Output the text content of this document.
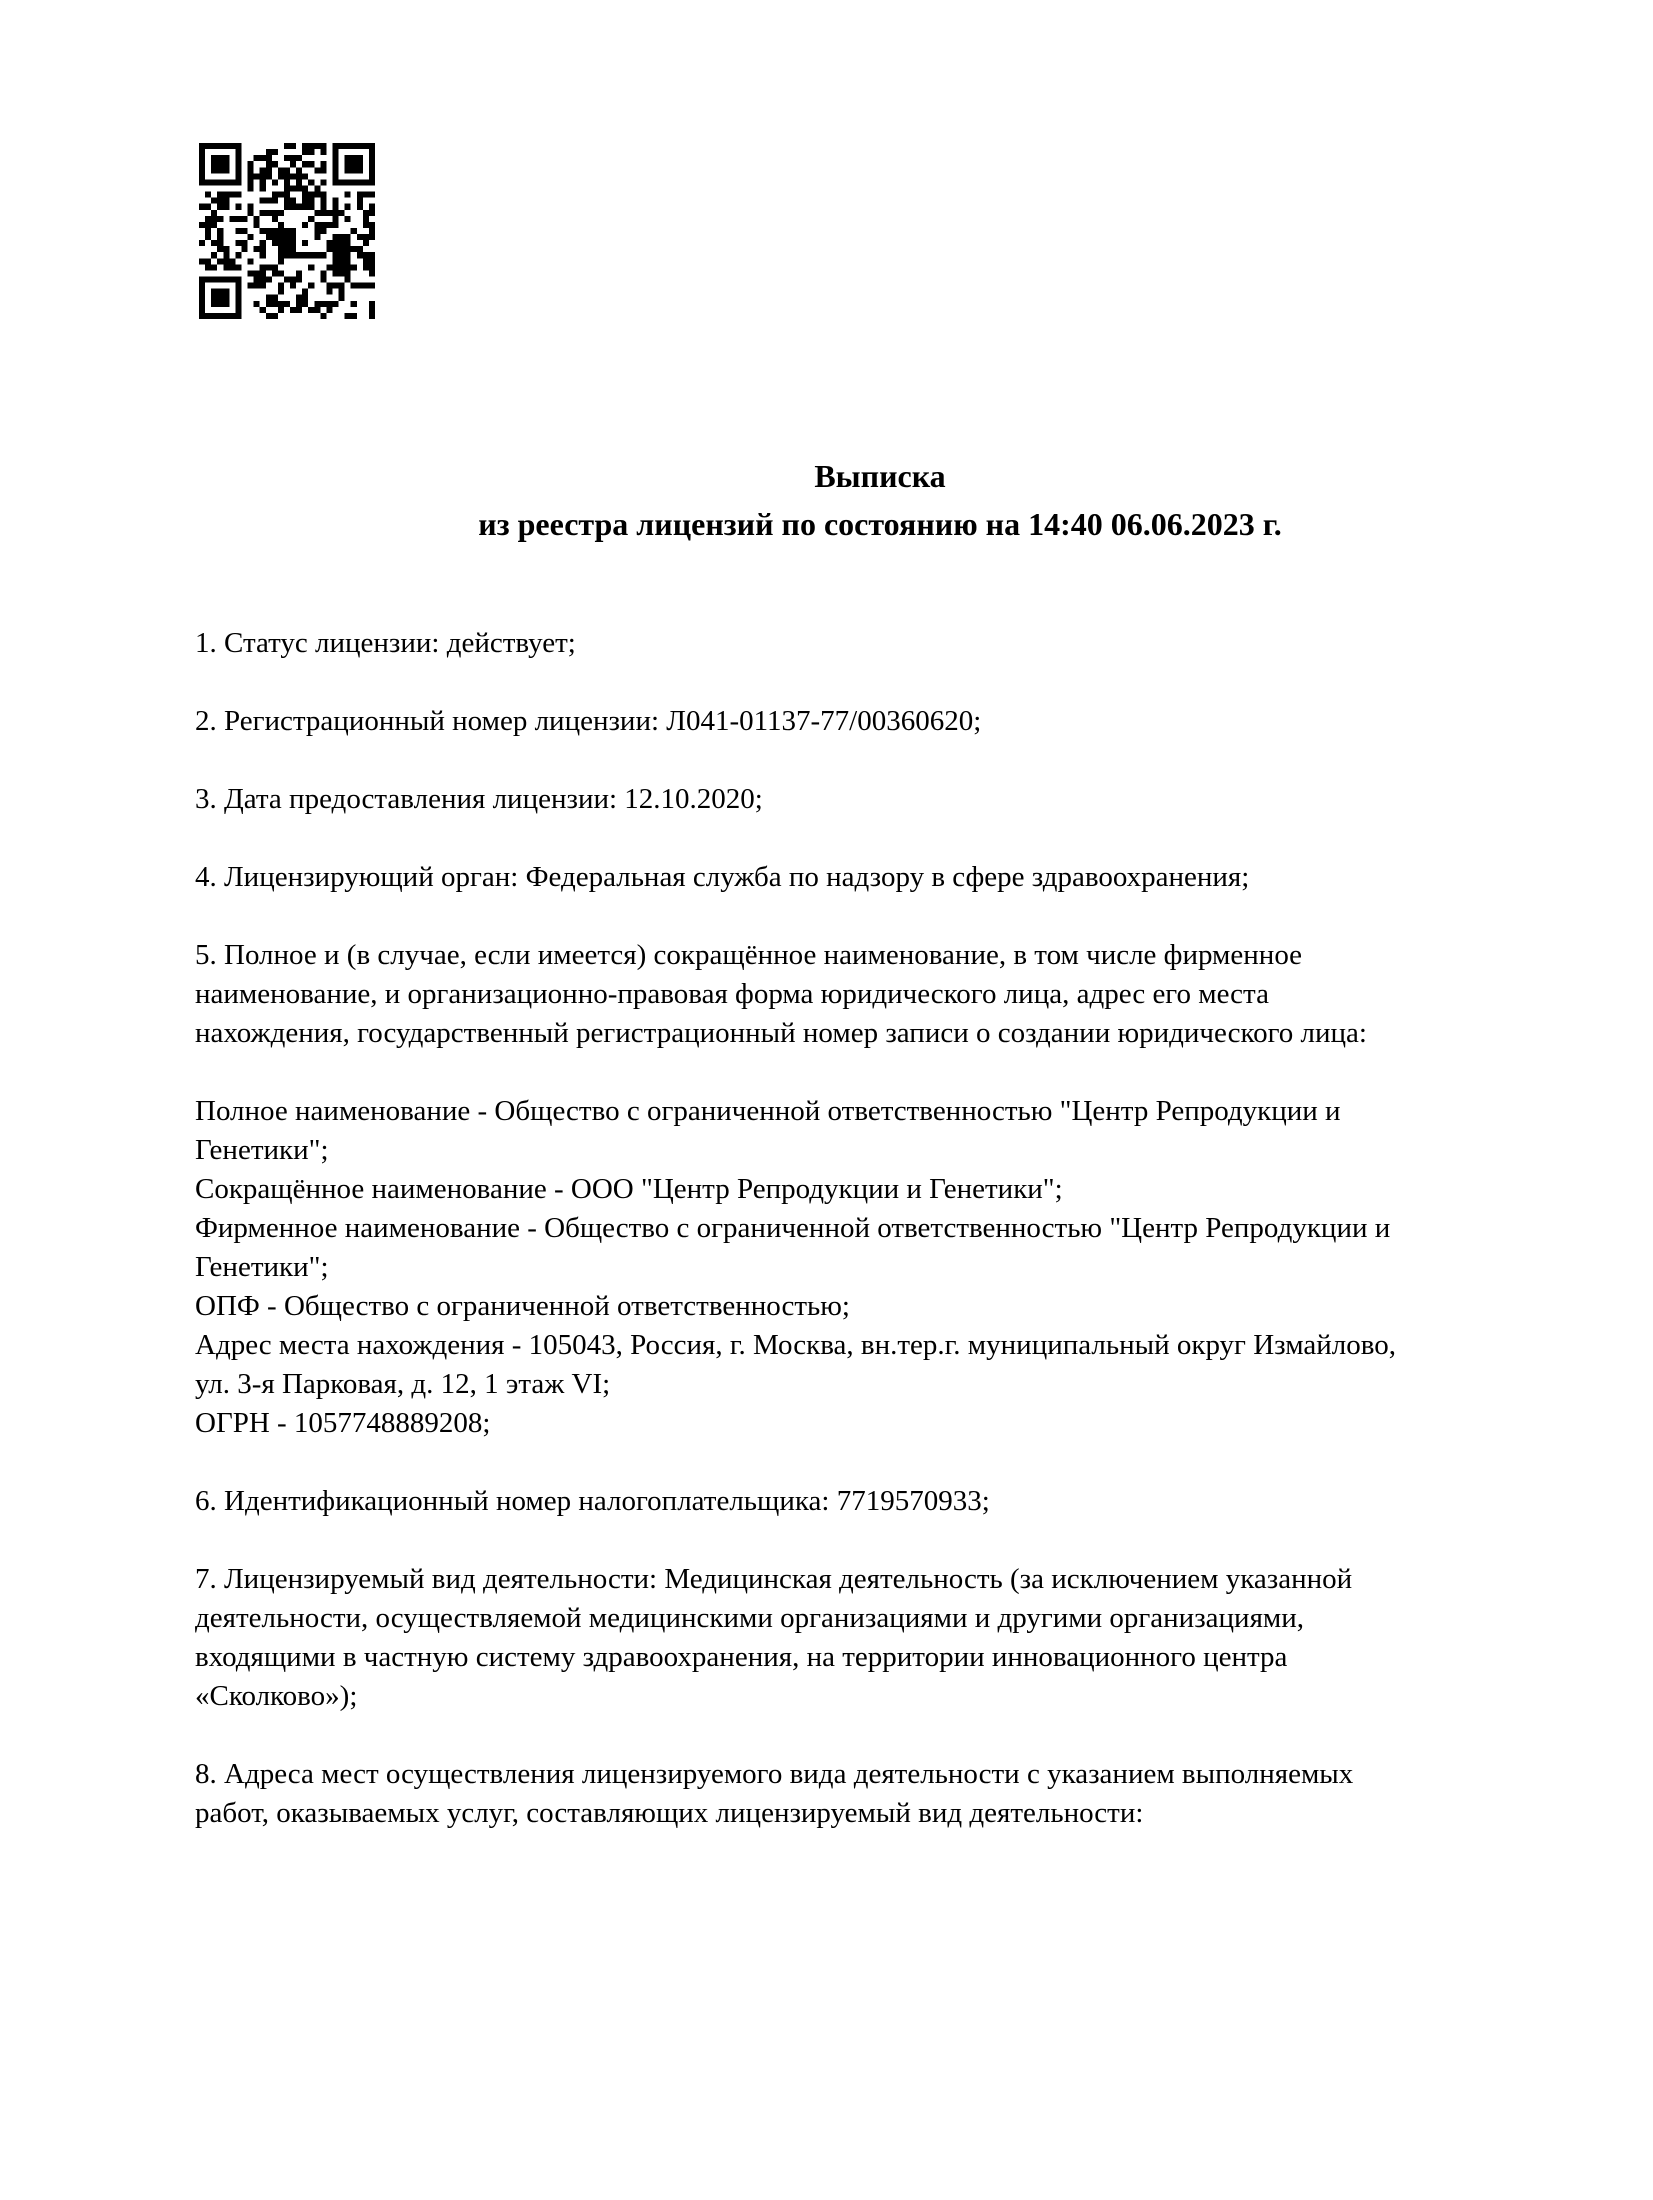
Выписка
из реестра лицензий по состоянию на 14:40 06.06.2023 г.
1. Статус лицензии: действует;
2. Регистрационный номер лицензии: Л041-01137-77/00360620;
3. Дата предоставления лицензии: 12.10.2020;
4. Лицензирующий орган: Федеральная служба по надзору в сфере здравоохранения;
5. Полное и (в случае, если имеется) сокращённое наименование, в том числе фирменное
наименование, и организационно-правовая форма юридического лица, адрес его места
нахождения, государственный регистрационный номер записи о создании юридического лица:
Полное наименование - Общество с ограниченной ответственностью "Центр Репродукции и
Генетики";
Сокращённое наименование - ООО "Центр Репродукции и Генетики";
Фирменное наименование - Общество с ограниченной ответственностью "Центр Репродукции и
Генетики";
ОПФ - Общество с ограниченной ответственностью;
Адрес места нахождения - 105043, Россия, г. Москва, вн.тер.г. муниципальный округ Измайлово,
ул. 3-я Парковая, д. 12, 1 этаж VI;
ОГРН - 1057748889208;
6. Идентификационный номер налогоплательщика: 7719570933;
7. Лицензируемый вид деятельности: Медицинская деятельность (за исключением указанной
деятельности, осуществляемой медицинскими организациями и другими организациями,
входящими в частную систему здравоохранения, на территории инновационного центра
«Сколково»);
8. Адреса мест осуществления лицензируемого вида деятельности с указанием выполняемых
работ, оказываемых услуг, составляющих лицензируемый вид деятельности:
